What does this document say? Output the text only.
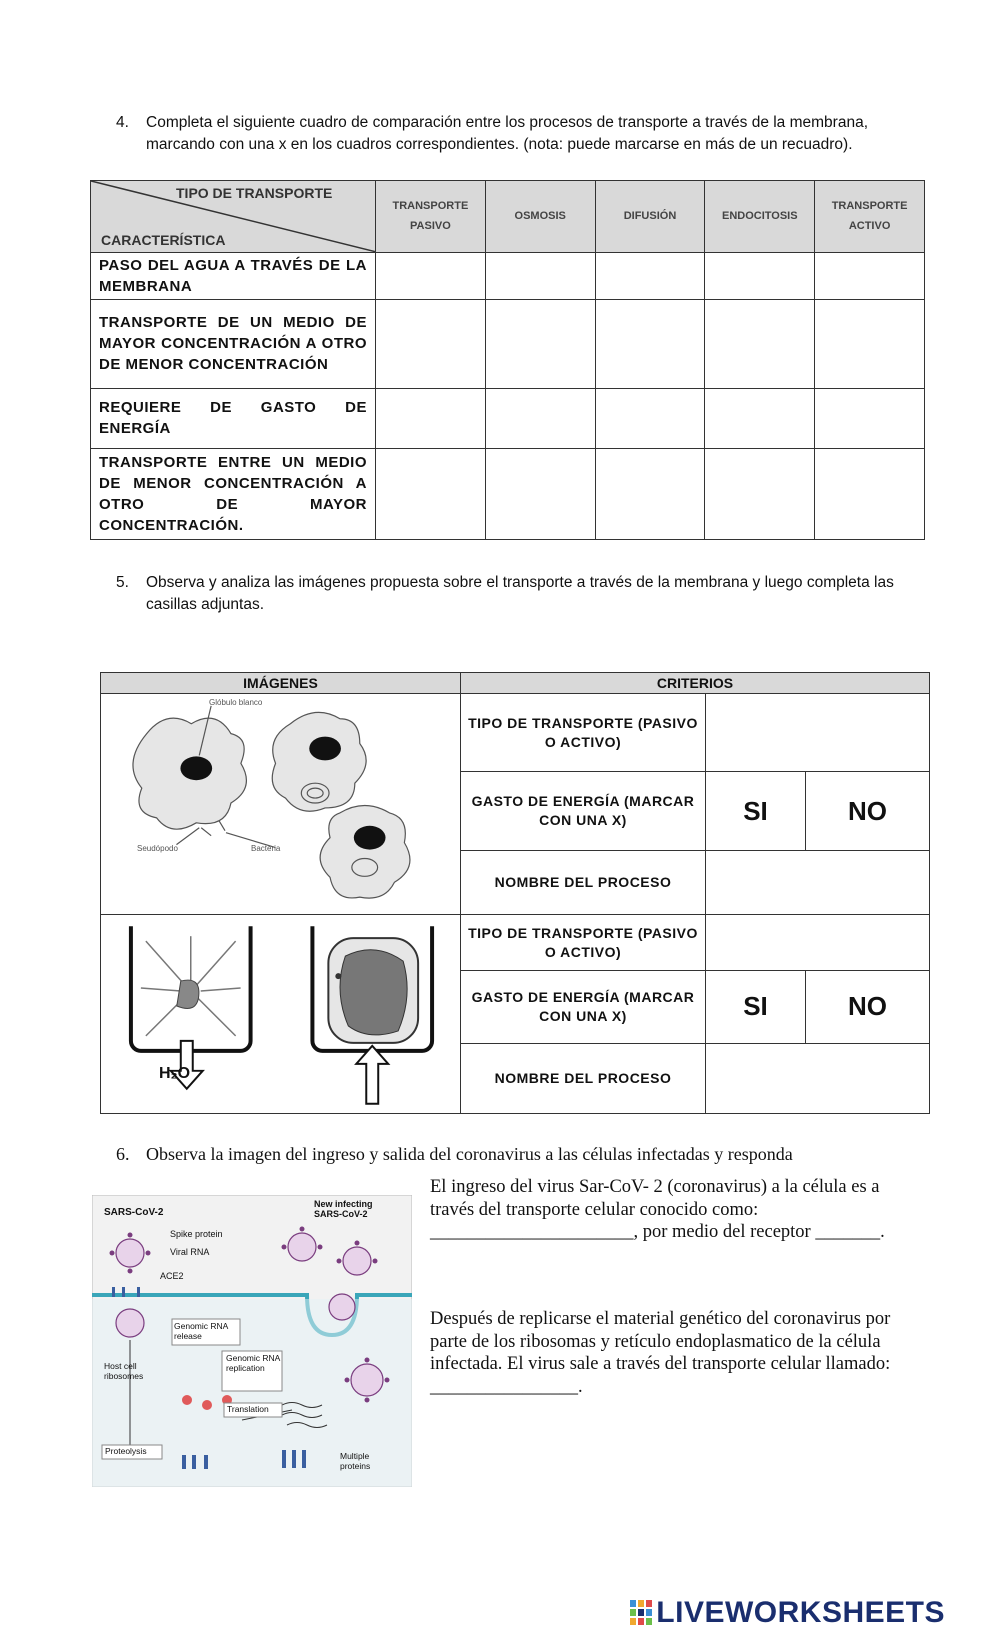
4. Completa el siguiente cuadro de comparación entre los procesos de transporte a través de la membrana, marcando con una x en los cuadros correspondientes. (nota: puede marcarse en más de un recuadro).
TIPO DE TRANSPORTE
CARACTERÍSTICA	TRANSPORTE PASIVO	OSMOSIS	DIFUSIÓN	ENDOCITOSIS	TRANSPORTE ACTIVO
PASO DEL AGUA A TRAVÉS DE LA MEMBRANA					
TRANSPORTE DE UN MEDIO DE MAYOR CONCENTRACIÓN A OTRO DE MENOR CONCENTRACIÓN					
REQUIERE DE GASTO DE ENERGÍA					
TRANSPORTE ENTRE UN MEDIO DE MENOR CONCENTRACIÓN A OTRO DE MAYOR CONCENTRACIÓN.					
5. Observa y analiza las imágenes propuesta sobre el transporte a través de la membrana y luego completa las casillas adjuntas.
IMÁGENES	CRITERIOS		

Glóbulo blanco
Seudópodo Bacteria	TIPO DE TRANSPORTE (PASIVO O ACTIVO)		
	GASTO DE ENERGÍA (MARCAR CON UNA X)	SI	NO
	NOMBRE DEL PROCESO		

H₂O	TIPO DE TRANSPORTE (PASIVO O ACTIVO)		
	GASTO DE ENERGÍA (MARCAR CON UNA X)	SI	NO
	NOMBRE DEL PROCESO		
6. Observa la imagen del ingreso y salida del coronavirus a las células infectadas y responda
SARS-CoV-2
New infecting SARS-CoV-2
Spike protein
Viral RNA
ACE2
Genomic RNA release
Host cell ribosomes
Genomic RNA replication
Translation
Proteolysis	Multiple proteins
El ingreso del virus Sar-CoV- 2 (coronavirus) a la célula es a través del transporte celular conocido como: ______________________, por medio del receptor _______.
Después de replicarse el material genético del coronavirus por parte de los ribosomas y retículo endoplasmatico de la célula infectada. El virus sale a través del transporte celular llamado: ________________.
LIVEWORKSHEETS
